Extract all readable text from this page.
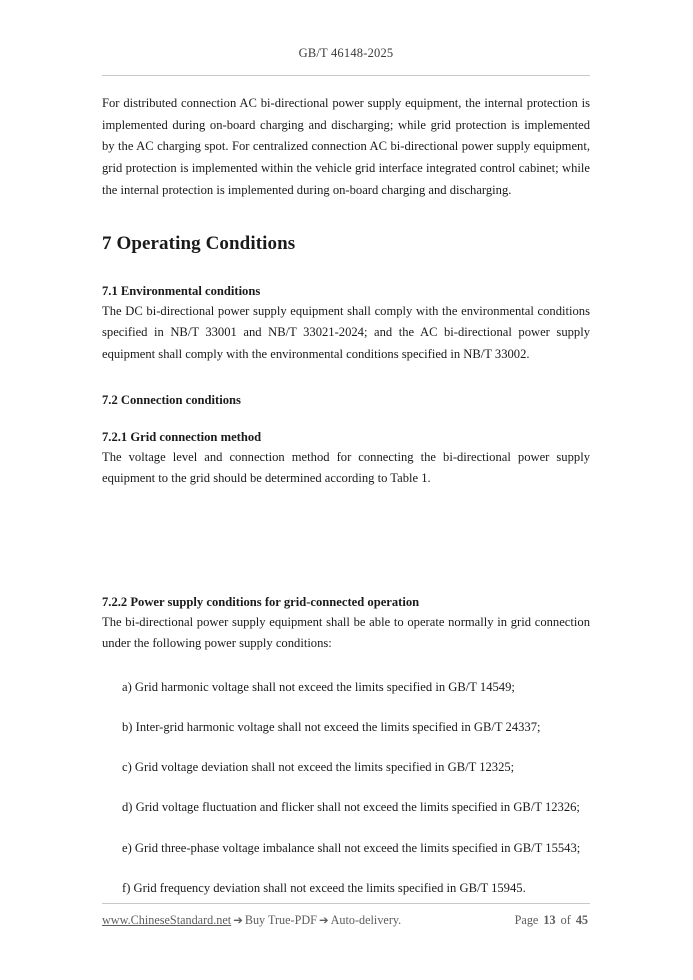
GB/T 46148-2025

For distributed connection AC bi-directional power supply equipment, the internal protection is implemented during on-board charging and discharging; while grid protection is implemented by the AC charging spot. For centralized connection AC bi-directional power supply equipment, grid protection is implemented within the vehicle grid interface integrated control cabinet; while the internal protection is implemented during on-board charging and discharging.

7 Operating Conditions
7.1 Environmental conditions

The DC bi-directional power supply equipment shall comply with the environmental conditions specified in NB/T 33001 and NB/T 33021-2024; and the AC bi-directional power supply equipment shall comply with the environmental conditions specified in NB/T 33002.

7.2 Connection conditions
7.2.1 Grid connection method

The voltage level and connection method for connecting the bi-directional power supply equipment to the grid should be determined according to Table 1.

7.2.2 Power supply conditions for grid-connected operation

The bi-directional power supply equipment shall be able to operate normally in grid connection under the following power supply conditions:

a) Grid harmonic voltage shall not exceed the limits specified in GB/T 14549;
b) Inter-grid harmonic voltage shall not exceed the limits specified in GB/T 24337;
c) Grid voltage deviation shall not exceed the limits specified in GB/T 12325;
d) Grid voltage fluctuation and flicker shall not exceed the limits specified in GB/T 12326;
e) Grid three-phase voltage imbalance shall not exceed the limits specified in GB/T 15543;
f) Grid frequency deviation shall not exceed the limits specified in GB/T 15945.
www.ChineseStandard.net ➔ Buy True-PDF ➔ Auto-delivery.	Page 13 of 45
